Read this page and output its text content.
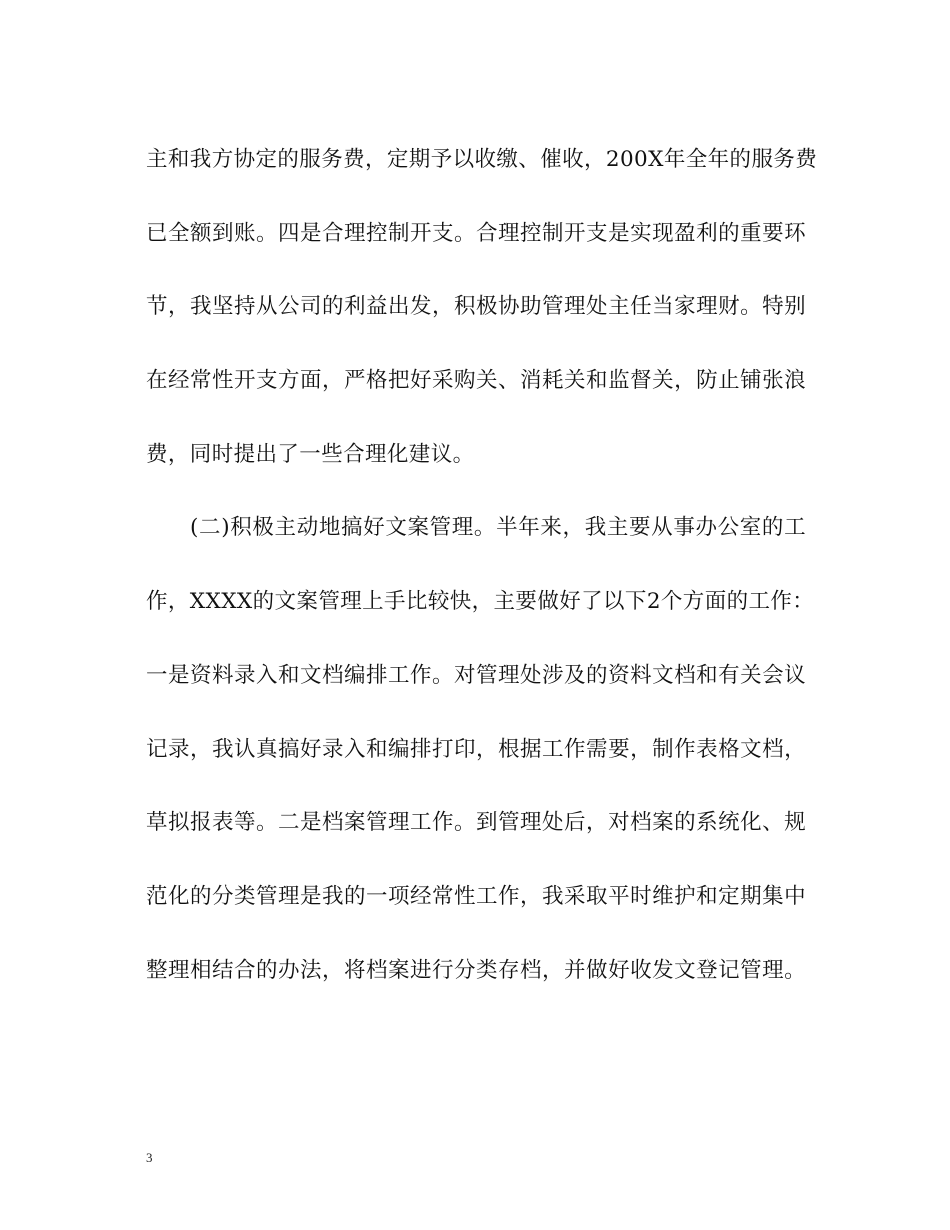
主和我方协定的服务费，定期予以收缴、催收，200X年全年的服务费
已全额到账。四是合理控制开支。合理控制开支是实现盈利的重要环
节，我坚持从公司的利益出发，积极协助管理处主任当家理财。特别
在经常性开支方面，严格把好采购关、消耗关和监督关，防止铺张浪
费，同时提出了一些合理化建议。
(二)积极主动地搞好文案管理。半年来，我主要从事办公室的工
作，XXXX的文案管理上手比较快，主要做好了以下2个方面的工作：
一是资料录入和文档编排工作。对管理处涉及的资料文档和有关会议
记录，我认真搞好录入和编排打印，根据工作需要，制作表格文档，
草拟报表等。二是档案管理工作。到管理处后，对档案的系统化、规
范化的分类管理是我的一项经常性工作，我采取平时维护和定期集中
整理相结合的办法，将档案进行分类存档，并做好收发文登记管理。
3
